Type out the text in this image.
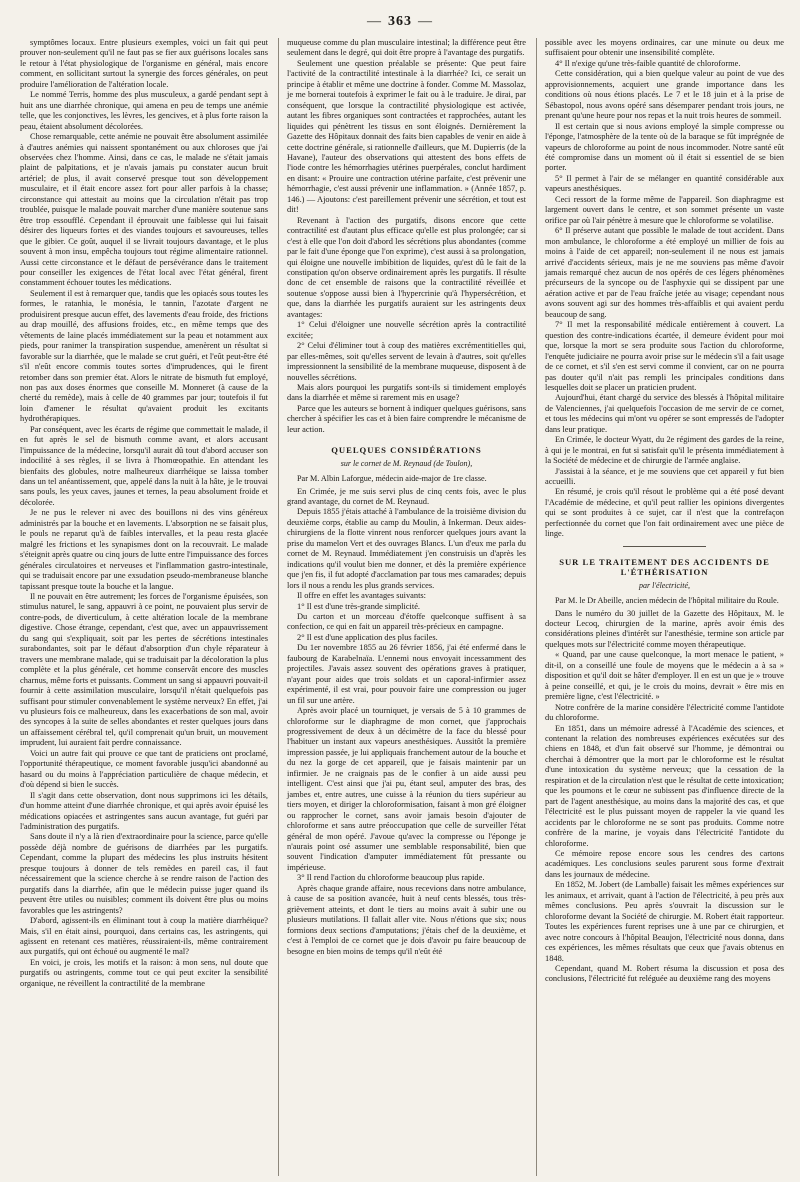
— 363 —

symptômes locaux. Entre plusieurs exemples, voici un fait qui peut prouver non-seulement qu'il ne faut pas se fier aux guérisons locales sans le retour à l'état physiologique de l'organisme en général, mais encore comment, en sollicitant surtout la synergie des forces générales, on peut produire l'amélioration de l'altération locale.

Le nommé Terris, homme des plus musculeux, a gardé pendant sept à huit ans une diarrhée chronique, qui amena en peu de temps une anémie telle, que les conjonctives, les lèvres, les gencives, et à plus forte raison la peau, étaient absolument décolorées.

Chose remarquable, cette anémie ne pouvait être absolument assimilée à d'autres anémies qui naissent spontanément ou aux chloroses que j'ai observées chez l'homme. Ainsi, dans ce cas, le malade ne s'était jamais plaint de palpitations, et je n'avais jamais pu constater aucun bruit artériel; de plus, il avait conservé presque tout son développement musculaire, et il était encore assez fort pour aller parfois à la chasse; circonstance qui attestait au moins que la circulation n'était pas trop troublée, puisque le malade pouvait marcher d'une manière soutenue sans être trop essoufflé. Cependant il éprouvait une faiblesse qui lui faisait désirer des liqueurs fortes et des viandes toujours et savoureuses, telles que le gibier. Ce goût, auquel il se livrait toujours davantage, et le plus souvent à mon insu, empêcha toujours tout régime alimentaire rationnel. Aussi cette circonstance et le défaut de persévérance dans le traitement pour conseiller les exigences de l'état local avec l'état général, firent constamment échouer toutes les médications.

Seulement il est à remarquer que, tandis que les opiacés sous toutes les formes, le ratanhia, le monésia, le tannin, l'azotate d'argent ne produisirent presque aucun effet, des lavements d'eau froide, des frictions au drap mouillé, des affusions froides, etc., en même temps que des vêtements de laine placés immédiatement sur la peau et notamment aux pieds, pour ranimer la transpiration suspendue, amenèrent un résultat si favorable sur la diarrhée, que le malade se crut guéri, et l'eût peut-être été s'il n'eût encore commis toutes sortes d'imprudences, qui le firent retomber dans son premier état. Alors le nitrate de bismuth fut employé, non pas aux doses énormes que conseille M. Monneret (à cause de la cherté du remède), mais à celle de 40 grammes par jour; toutefois il fut loin d'amener le résultat qu'avaient produit les excitants hydrothérapiques.

Par conséquent, avec les écarts de régime que commettait le malade, il en fut après le sel de bismuth comme avant, et alors accusant l'impuissance de la médecine, lorsqu'il aurait dû tout d'abord accuser son indocilité à ses règles, il se livra à l'homœopathie. En attendant les bienfaits des globules, notre malheureux diarrhéique se laissa tomber dans un tel anéantissement, que, appelé dans la nuit à la hâte, je le trouvai sans pouls, les yeux caves, jaunes et ternes, la peau absolument froide et décolorée.

Je ne pus le relever ni avec des bouillons ni des vins généreux administrés par la bouche et en lavements. L'absorption ne se faisait plus, le pouls ne reparut qu'à de faibles intervalles, et la peau resta glacée malgré les frictions et les synapismes dont on la recouvrait. Le malade s'éteignit après quatre ou cinq jours de lutte entre l'impuissance des forces générales circulatoires et nerveuses et l'inflammation gastro-intestinale, qui se traduisait encore par une exsudation pseudo-membraneuse blanche tapissant presque toute la bouche et la langue.

Il ne pouvait en être autrement; les forces de l'organisme épuisées, son stimulus naturel, le sang, appauvri à ce point, ne pouvaient plus servir de contre-pods, de diverticulum, à cette altération locale de la membrane digestive. Chose étrange, cependant, c'est que, avec un appauvrissement du sang qui s'expliquait, soit par les pertes de sécrétions intestinales surabondantes, soit par le défaut d'absorption d'un chyle réparateur à travers une membrane malade, qui se traduisait par la décoloration la plus complète et la plus générale, cet homme conservât encore des muscles charnus, même forts et puissants. Comment un sang si appauvri pouvait-il fournir à cette assimilation musculaire, lorsqu'il n'était quelquefois pas suffisant pour stimuler convenablement le système nerveux? En effet, j'ai vu plusieurs fois ce malheureux, dans les exacerbations de son mal, avoir des syncopes à la suite de selles abondantes et rester quelques jours dans un affaissement cérébral tel, qu'il comprenait qu'un bruit, un mouvement imprudent, lui auraient fait perdre connaissance.

Voici un autre fait qui prouve ce que tant de praticiens ont proclamé, l'opportunité thérapeutique, ce moment favorable jusqu'ici abandonné au hasard ou du moins à l'appréciation particulière de chaque médecin, et d'où dépend si bien le succès.

Il s'agit dans cette observation, dont nous supprimons ici les détails, d'un homme atteint d'une diarrhée chronique, et qui après avoir épuisé les médications opiacées et astringentes sans aucun avantage, fut guéri par l'administration des purgatifs.

Sans doute il n'y a là rien d'extraordinaire pour la science, parce qu'elle possède déjà nombre de guérisons de diarrhées par les purgatifs. Cependant, comme la plupart des médecins les plus instruits hésitent presque toujours à donner de tels remèdes en pareil cas, il faut nécessairement que la science cherche à se rendre raison de l'action des purgatifs dans la diarrhée, afin que le médecin puisse juger quand ils peuvent être utiles ou nuisibles; comment ils doivent être plus ou moins favorables que les astringents?

D'abord, agissent-ils en éliminant tout à coup la matière diarrhéique? Mais, s'il en était ainsi, pourquoi, dans certains cas, les astringents, qui agissent en retenant ces matières, réussiraient-ils, même contrairement aux purgatifs, qui ont échoué ou augmenté le mal?

En voici, je crois, les motifs et la raison: à mon sens, nul doute que purgatifs ou astringents, comme tout ce qui peut exciter la sensibilité organique, ne réveillent la contractilité de la membrane

muqueuse comme du plan musculaire intestinal; la différence peut être seulement dans le degré, qui doit être propre à l'avantage des purgatifs.

Seulement une question préalable se présente: Que peut faire l'activité de la contractilité intestinale à la diarrhée? Ici, ce serait un principe à établir et même une doctrine à fonder. Comme M. Massolaz, je me bornerai toutefois à exprimer le fait ou à le traduire. Je dirai, par conséquent, que lorsque la contractilité physiologique est activée, autant les fibres organiques sont contractées et rapprochées, autant les liquides qui pénètrent les tissus en sont éloignés. Dernièrement la Gazette des Hôpitaux donnait des faits bien capables de venir en aide à cette doctrine générale, si rationnelle d'ailleurs, que M. Dupierris (de la Havane), l'auteur des observations qui attestent des bons effets de l'iode contre les hémorrhagies utérines puerpérales, conclut hardiment en disant: « Prouire une contraction utérine parfaite, c'est prévenir une hémorrhagie, c'est aussi prévenir une inflammation. » (Année 1857, p. 146.) — Ajoutons: c'est pareillement prévenir une sécrétion, et tout est dit!

Revenant à l'action des purgatifs, disons encore que cette contractilité est d'autant plus efficace qu'elle est plus prolongée; car si c'est à elle que l'on doit d'abord les sécrétions plus abondantes (comme par le fait d'une éponge que l'on exprime), c'est aussi à sa prolongation, qui éloigne une nouvelle imbibition de liquides, qu'est dû le fait de la constipation qu'on observe ordinairement après les purgatifs. Il résulte donc de cet ensemble de raisons que la contractilité réveillée et soutenue s'oppose aussi bien à l'hypercrinie qu'à l'hypersécrétion, et que, dans la diarrhée les purgatifs auraient sur les astringents deux avantages:

1° Celui d'éloigner une nouvelle sécrétion après la contractilité excitée;

2° Celui d'éliminer tout à coup des matières excrémentitielles qui, par elles-mêmes, soit qu'elles servent de levain à d'autres, soit qu'elles impressionnent la sensibilité de la membrane muqueuse, disposent à de nouvelles sécrétions.

Mais alors pourquoi les purgatifs sont-ils si timidement employés dans la diarrhée et même si rarement mis en usage?

Parce que les auteurs se bornent à indiquer quelques guérisons, sans chercher à spécifier les cas et à bien faire comprendre le mécanisme de leur action.

QUELQUES CONSIDÉRATIONS
sur le cornet de M. Reynaud (de Toulon),
Par M. Albin Laforgue, médecin aide-major de 1re classe.

En Crimée, je me suis servi plus de cinq cents fois, avec le plus grand avantage, du cornet de M. Reynaud.

Depuis 1855 j'étais attaché à l'ambulance de la troisième division du deuxième corps, établie au camp du Moulin, à Inkerman. Deux aides-chirurgiens de la flotte vinrent nous renforcer quelques jours avant la prise du mamelon Vert et des ouvrages Blancs. L'un d'eux me parla du cornet de M. Reynaud. Immédiatement j'en construisis un d'après les indications qu'il voulut bien me donner, et dès la première expérience que j'en fis, il fut adopté d'acclamation par tous mes camarades; depuis lors il nous a rendu les plus grands services.

Il offre en effet les avantages suivants:

1° Il est d'une très-grande simplicité.

Du carton et un morceau d'étoffe quelconque suffisent à sa confection, ce qui en fait un appareil très-précieux en campagne.

2° Il est d'une application des plus faciles.

Du 1er novembre 1855 au 26 février 1856, j'ai été enfermé dans le faubourg de Karabelnaïa. L'ennemi nous envoyait incessamment des projectiles. J'avais assez souvent des opérations graves à pratiquer, n'ayant pour aides que trois soldats et un caporal-infirmier assez expérimenté, il est vrai, pour pouvoir faire une compression ou juger un fil sur une artère.

Après avoir placé un tourniquet, je versais de 5 à 10 grammes de chloroforme sur le diaphragme de mon cornet, que j'approchais progressivement de deux à un décimètre de la face du blessé pour l'habituer un instant aux vapeurs anesthésiques. Aussitôt la première impression passée, je lui appliquais franchement autour de la bouche et du nez la gorge de cet appareil, que je faisais maintenir par un infirmier. Je ne craignais pas de le confier à un aide aussi peu intelligent. C'est ainsi que j'ai pu, étant seul, amputer des bras, des jambes et, entre autres, une cuisse à la réunion du tiers supérieur au tiers moyen, et diriger la chloroformisation, faisant à mon gré éloigner ou rapprocher le cornet, sans avoir jamais besoin d'ajouter de chloroforme et sans autre préoccupation que celle de surveiller l'état général de mon opéré. J'avoue qu'avec la compresse ou l'éponge je n'aurais point osé assumer une semblable responsabilité, bien que souvent l'indication d'amputer immédiatement fût pressante ou impérieuse.

3° Il rend l'action du chloroforme beaucoup plus rapide.

Après chaque grande affaire, nous recevions dans notre ambulance, à cause de sa position avancée, huit à neuf cents blessés, tous très-grièvement atteints, et dont le tiers au moins avait à subir une ou plusieurs mutilations. Il fallait aller vite. Nous n'étions que six; nous formions deux sections d'amputations; j'étais chef de la deuxième, et c'est à l'emploi de ce cornet que je dois d'avoir pu faire beaucoup de besogne en bien moins de temps qu'il n'eût été

possible avec les moyens ordinaires, car une minute ou deux me suffisaient pour obtenir une insensibilité complète.

4° Il n'exige qu'une très-faible quantité de chloroforme.

Cette considération, qui a bien quelque valeur au point de vue des approvisionnements, acquiert une grande importance dans les conditions où nous étions placés. Le 7 et le 18 juin et à la prise de Sébastopol, nous avons opéré sans désemparer pendant trois jours, ne prenant qu'une heure pour nos repas et la nuit trois heures de sommeil.

Il est certain que si nous avions employé la simple compresse ou l'éponge, l'atmosphère de la tente où de la baraque se fût imprégnée de vapeurs de chloroforme au point de nous incommoder. Notre santé eût été compromise dans un moment où il était si essentiel de se bien porter.

5° Il permet à l'air de se mélanger en quantité considérable aux vapeurs anesthésiques.

Ceci ressort de la forme même de l'appareil. Son diaphragme est largement ouvert dans le centre, et son sommet présente un vaste orifice par où l'air pénètre à mesure que le chloroforme se volatilise.

6° Il préserve autant que possible le malade de tout accident. Dans mon ambulance, le chloroforme a été employé un millier de fois au moins à l'aide de cet appareil; non-seulement il ne nous est jamais arrivé d'accidents sérieux, mais je ne me souviens pas même d'avoir jamais remarqué chez aucun de nos opérés de ces légers phénomènes précurseurs de la syncope ou de l'asphyxie qui se dissipent par une aération active et par de l'eau fraîche jetée au visage; cependant nous avons souvent agi sur des hommes très-affaiblis et qui avaient perdu beaucoup de sang.

7° Il met la responsabilité médicale entièrement à couvert. La question des contre-indications écartée, il demeure évident pour moi que, lorsque la mort se sera produite sous l'action du chloroforme, l'enquête judiciaire ne pourra avoir prise sur le médecin s'il a fait usage de ce cornet, et s'il s'en est servi comme il convient, car on ne pourra pas douter qu'il n'ait pas rempli les principales conditions dans lesquelles doit se placer un praticien prudent.

Aujourd'hui, étant chargé du service des blessés à l'hôpital militaire de Valenciennes, j'ai quelquefois l'occasion de me servir de ce cornet, et tous les médecins qui m'ont vu opérer se sont empressés de l'adopter dans leur pratique.

En Crimée, le docteur Wyatt, du 2e régiment des gardes de la reine, à qui je le montrai, en fut si satisfait qu'il le présenta immédiatement à la Société de médecine et de chirurgie de l'armée anglaise.

J'assistai à la séance, et je me souviens que cet appareil y fut bien accueilli.

En résumé, je crois qu'il résout le problème qui a été posé devant l'Académie de médecine, et qu'il peut rallier les opinions divergentes qui se sont produites à ce sujet, car il n'est que la contrefaçon perfectionnée du cornet que l'on fait ordinairement avec une pièce de linge.

SUR LE TRAITEMENT DES ACCIDENTS DE L'ÉTHÉRISATION
par l'électricité,
Par M. le Dr Abeille, ancien médecin de l'hôpital militaire du Roule.

Dans le numéro du 30 juillet de la Gazette des Hôpitaux, M. le docteur Lecoq, chirurgien de la marine, après avoir émis des considérations pleines d'intérêt sur l'anesthésie, termine son article par quelques mots sur l'électricité comme moyen thérapeutique.

« Quand, par une cause quelconque, la mort menace le patient, » dit-il, on a conseillé une foule de moyens que le médecin a à sa » disposition et qu'il doit se hâter d'employer. Il en est un que je » trouve à peine conseillé, et qui, je le crois du moins, devrait » être mis en première ligne, c'est l'électricité. »

Notre confrère de la marine considère l'électricité comme l'antidote du chloroforme.

En 1851, dans un mémoire adressé à l'Académie des sciences, et contenant la relation des nombreuses expériences exécutées sur des chiens en 1848, et d'un fait observé sur l'homme, je démontrai ou cherchai à démontrer que la mort par le chloroforme est le résultat d'une intoxication du système nerveux; que la cessation de la respiration et de la circulation n'est que le résultat de cette intoxication; que les poumons et le cœur ne subissent pas d'influence directe de la part de l'agent anesthésique, au moins dans la majorité des cas, et que l'électricité est le plus puissant moyen de rappeler la vie quand les accidents par le chloroforme ne se sont pas produits. Comme notre confrère de la marine, je voyais dans l'électricité l'antidote du chloroforme.

Ce mémoire repose encore sous les cendres des cartons académiques. Les conclusions seules parurent sous forme d'extrait dans les journaux de médecine.

En 1852, M. Jobert (de Lamballe) faisait les mêmes expériences sur les animaux, et arrivait, quant à l'action de l'électricité, à peu près aux mêmes conclusions. Peu après s'ouvrait la discussion sur le chloroforme devant la Société de chirurgie. M. Robert était rapporteur. Toutes les expériences furent reprises une à une par ce chirurgien, et avec notre concours à l'hôpital Beaujon, l'électricité nous donna, dans ces expériences, les mêmes résultats que ceux que j'avais obtenus en 1848.

Cependant, quand M. Robert résuma la discussion et posa des conclusions, l'électricité fut reléguée au deuxième rang des moyens
